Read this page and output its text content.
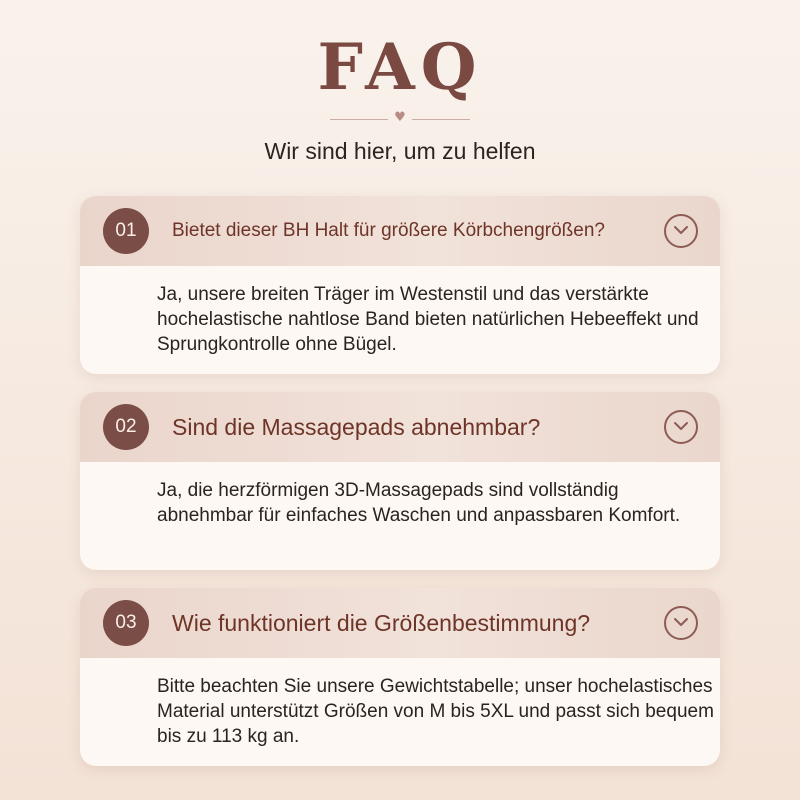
FAQ
♥

Wir sind hier, um zu helfen

01	Bietet dieser BH Halt für größere Körbchengrößen?

Ja, unsere breiten Träger im Westenstil und das verstärkte hochelastische nahtlose Band bieten natürlichen Hebeeffekt und Sprungkontrolle ohne Bügel.

02	Sind die Massagepads abnehmbar?

Ja, die herzförmigen 3D-Massagepads sind vollständig abnehmbar für einfaches Waschen und anpassbaren Komfort.

03	Wie funktioniert die Größenbestimmung?

Bitte beachten Sie unsere Gewichtstabelle; unser hochelastisches Material unterstützt Größen von M bis 5XL und passt sich bequem bis zu 113 kg an.
